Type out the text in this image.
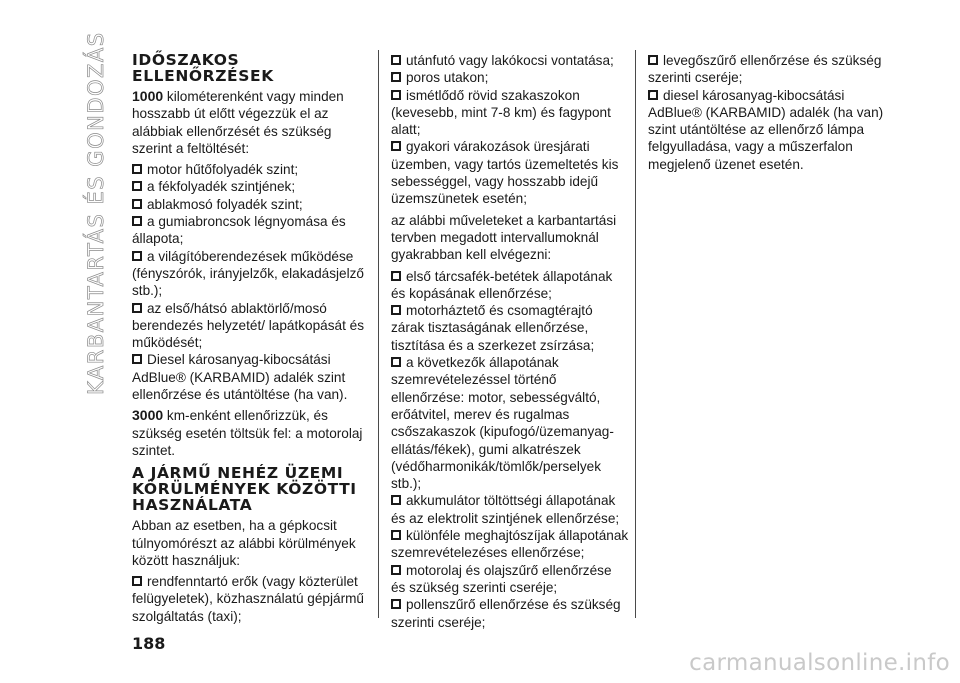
KARBANTARTÁS ÉS GONDOZÁS	IDŐSZAKOS
ELLENŐRZÉSEK
1000 kilométerenként vagy minden hosszabb út előtt végezzük el az alábbiak ellenőrzését és szükség szerint a feltöltését:
motor hűtőfolyadék szint;
a fékfolyadék szintjének;
ablakmosó folyadék szint;
a gumiabroncsok légnyomása és állapota;
a világítóberendezések működése (fényszórók, irányjelzők, elakadásjelző stb.);
az első/hátsó ablaktörlő/mosó berendezés helyzetét/ lapátkopását és működését;
Diesel károsanyag-kibocsátási AdBlue® (KARBAMID) adalék szint ellenőrzése és utántöltése (ha van).
3000 km-enként ellenőrizzük, és szükség esetén töltsük fel: a motorolaj szintet.
A JÁRMŰ NEHÉZ ÜZEMI
KÖRÜLMÉNYEK KÖZÖTTI
HASZNÁLATA
Abban az esetben, ha a gépkocsit túlnyomórészt az alábbi körülmények között használjuk:
rendfenntartó erők (vagy közterület felügyeletek), közhasználatú gépjármű szolgáltatás (taxi);
utánfutó vagy lakókocsi vontatása;
poros utakon;
ismétlődő rövid szakaszokon (kevesebb, mint 7-8 km) és fagypont alatt;
gyakori várakozások üresjárati üzemben, vagy tartós üzemeltetés kis sebességgel, vagy hosszabb idejű üzemszünetek esetén;
az alábbi műveleteket a karbantartási tervben megadott intervallumoknál gyakrabban kell elvégezni:
első tárcsafék-betétek állapotának és kopásának ellenőrzése;
motorháztető és csomagtérajtó zárak tisztaságának ellenőrzése, tisztítása és a szerkezet zsírzása;
a következők állapotának szemrevételezéssel történő ellenőrzése: motor, sebességváltó, erőátvitel, merev és rugalmas csőszakaszok (kipufogó/üzemanyag-ellátás/fékek), gumi alkatrészek (védőharmonikák/tömlők/perselyek stb.);
akkumulátor töltöttségi állapotának és az elektrolit szintjének ellenőrzése;
különféle meghajtószíjak állapotának szemrevételezéses ellenőrzése;
motorolaj és olajszűrő ellenőrzése és szükség szerinti cseréje;
pollenszűrő ellenőrzése és szükség szerinti cseréje;
levegőszűrő ellenőrzése és szükség szerinti cseréje;
diesel károsanyag-kibocsátási AdBlue® (KARBAMID) adalék (ha van) szint utántöltése az ellenőrző lámpa felgyulladása, vagy a műszerfalon megjelenő üzenet esetén.
188
carmanualsonline.info
